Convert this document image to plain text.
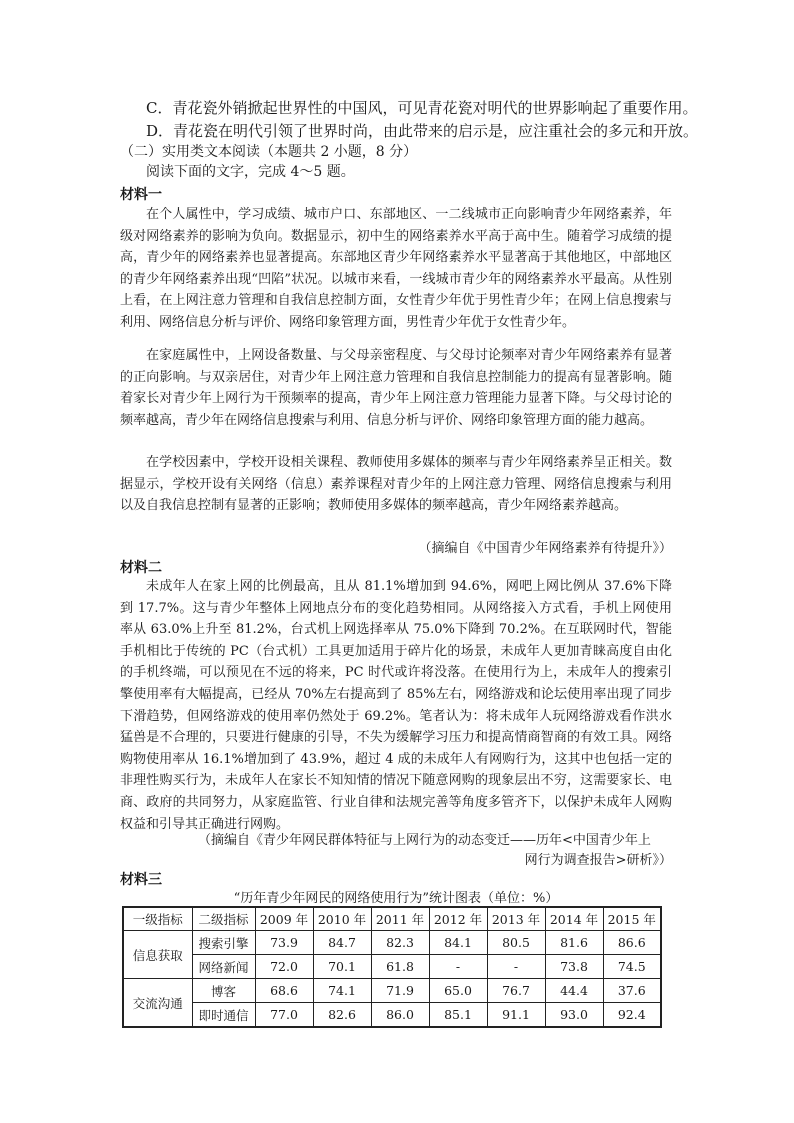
C．青花瓷外销掀起世界性的中国风，可见青花瓷对明代的世界影响起了重要作用。
D．青花瓷在明代引领了世界时尚，由此带来的启示是，应注重社会的多元和开放。
（二）实用类文本阅读（本题共 2 小题，8 分）
阅读下面的文字，完成 4～5 题。
材料一
在个人属性中，学习成绩、城市户口、东部地区、一二线城市正向影响青少年网络素养，年级对网络素养的影响为负向。数据显示，初中生的网络素养水平高于高中生。随着学习成绩的提高，青少年的网络素养也显著提高。东部地区青少年网络素养水平显著高于其他地区，中部地区的青少年网络素养出现“凹陷”状况。以城市来看，一线城市青少年的网络素养水平最高。从性别上看，在上网注意力管理和自我信息控制方面，女性青少年优于男性青少年；在网上信息搜索与利用、网络信息分析与评价、网络印象管理方面，男性青少年优于女性青少年。
在家庭属性中，上网设备数量、与父母亲密程度、与父母讨论频率对青少年网络素养有显著的正向影响。与双亲居住，对青少年上网注意力管理和自我信息控制能力的提高有显著影响。随着家长对青少年上网行为干预频率的提高，青少年上网注意力管理能力显著下降。与父母讨论的频率越高，青少年在网络信息搜索与利用、信息分析与评价、网络印象管理方面的能力越高。
在学校因素中，学校开设相关课程、教师使用多媒体的频率与青少年网络素养呈正相关。数据显示，学校开设有关网络（信息）素养课程对青少年的上网注意力管理、网络信息搜索与利用以及自我信息控制有显著的正影响；教师使用多媒体的频率越高，青少年网络素养越高。
（摘编自《中国青少年网络素养有待提升》）
材料二
未成年人在家上网的比例最高，且从 81.1%增加到 94.6%，网吧上网比例从 37.6%下降到 17.7%。这与青少年整体上网地点分布的变化趋势相同。从网络接入方式看，手机上网使用率从 63.0%上升至 81.2%，台式机上网选择率从 75.0%下降到 70.2%。在互联网时代，智能手机相比于传统的 PC（台式机）工具更加适用于碎片化的场景，未成年人更加青睐高度自由化的手机终端，可以预见在不远的将来，PC 时代或许将没落。在使用行为上，未成年人的搜索引擎使用率有大幅提高，已经从 70%左右提高到了 85%左右，网络游戏和论坛使用率出现了同步下滑趋势，但网络游戏的使用率仍然处于 69.2%。笔者认为：将未成年人玩网络游戏看作洪水猛兽是不合理的，只要进行健康的引导，不失为缓解学习压力和提高情商智商的有效工具。网络购物使用率从 16.1%增加到了 43.9%，超过 4 成的未成年人有网购行为，这其中也包括一定的非理性购买行为，未成年人在家长不知知情的情况下随意网购的现象层出不穷，这需要家长、电商、政府的共同努力，从家庭监管、行业自律和法规完善等角度多管齐下，以保护未成年人网购权益和引导其正确进行网购。
（摘编自《青少年网民群体特征与上网行为的动态变迁——历年<中国青少年上
网行为调查报告>研析》）
材料三
“历年青少年网民的网络使用行为”统计图表（单位：%）
一级指标	二级指标	2009 年	2010 年	2011 年	2012 年	2013 年	2014 年	2015 年
信息获取	搜索引擎	73.9	84.7	82.3	84.1	80.5	81.6	86.6
	网络新闻	72.0	70.1	61.8	-	-	73.8	74.5
交流沟通	博客	68.6	74.1	71.9	65.0	76.7	44.4	37.6
	即时通信	77.0	82.6	86.0	85.1	91.1	93.0	92.4
